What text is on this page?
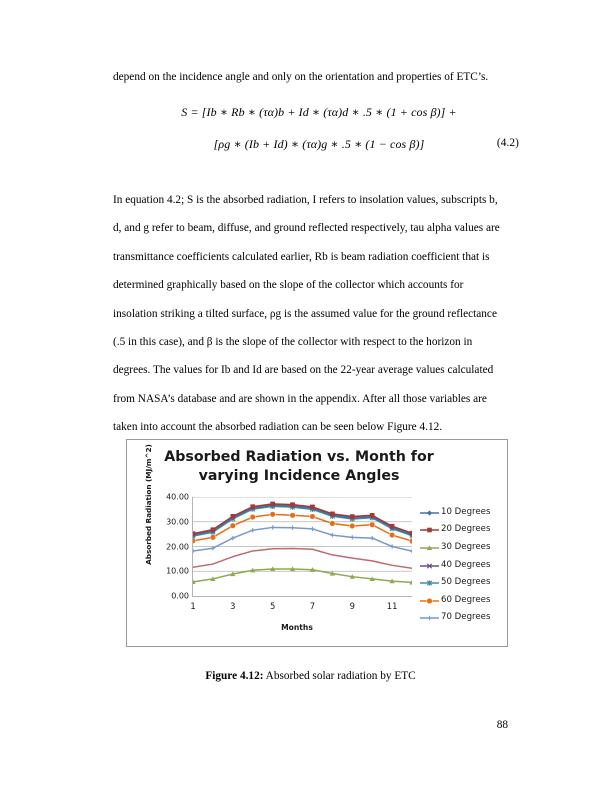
depend on the incidence angle and only on the orientation and properties of ETC’s.
S = [Ib ∗ Rb ∗ (τα)b + Id ∗ (τα)d ∗ .5 ∗ (1 + cos β)] +
[ρg ∗ (Ib + Id) ∗ (τα)g ∗ .5 ∗ (1 − cos β)]	(4.2)

In equation 4.2; S is the absorbed radiation, I refers to insolation values, subscripts b, d, and g refer to beam, diffuse, and ground reflected respectively, tau alpha values are transmittance coefficients calculated earlier, Rb is beam radiation coefficient that is determined graphically based on the slope of the collector which accounts for insolation striking a tilted surface, ρg is the assumed value for the ground reflectance (.5 in this case), and β is the slope of the collector with respect to the horizon in degrees. The values for Ib and Id are based on the 22-year average values calculated from NASA’s database and are shown in the appendix. After all those variables are taken into account the absorbed radiation can be seen below Figure 4.12.

Absorbed Radiation vs. Month for
varying Incidence Angles
Absorbed Radiation (MJ/m^2)
Months
0.00
10.00
20.00
30.00
40.00
1	3	5	7	9	11
10 Degrees
20 Degrees
30 Degrees
40 Degrees
50 Degrees
60 Degrees
70 Degrees
Figure 4.12: Absorbed solar radiation by ETC
88
